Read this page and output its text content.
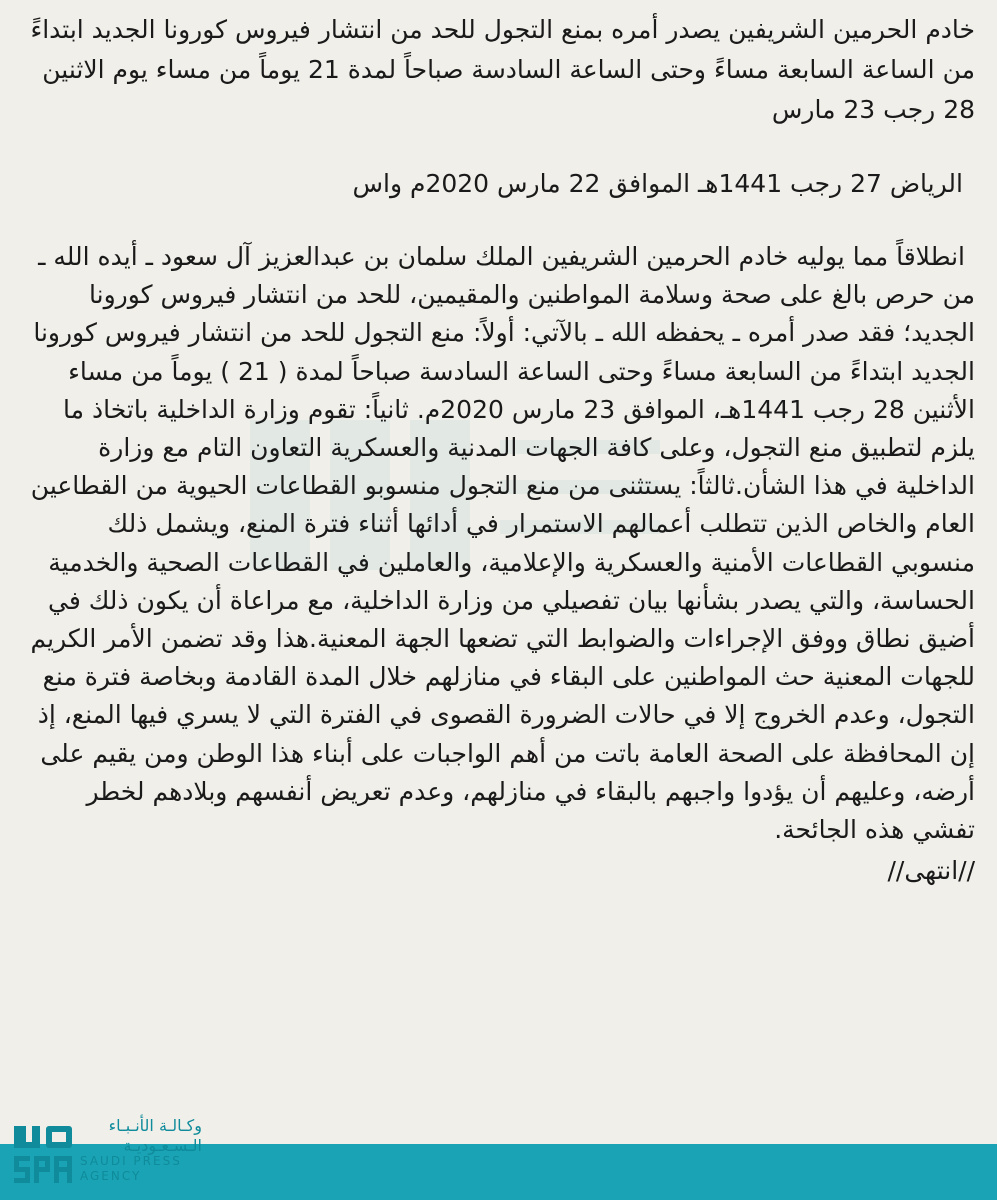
خادم الحرمين الشريفين يصدر أمره بمنع التجول للحد من انتشار فيروس كورونا الجديد ابتداءً من الساعة السابعة مساءً وحتى الساعة السادسة صباحاً لمدة 21 يوماً من مساء يوم الاثنين 28 رجب 23 مارس

الرياض 27 رجب 1441هـ الموافق 22 مارس 2020م واس

انطلاقاً مما يوليه خادم الحرمين الشريفين الملك سلمان بن عبدالعزيز آل سعود ـ أيده الله ـ من حرص بالغ على صحة وسلامة المواطنين والمقيمين، للحد من انتشار فيروس كورونا الجديد؛ فقد صدر أمره ـ يحفظه الله ـ بالآتي: أولاً: منع التجول للحد من انتشار فيروس كورونا الجديد ابتداءً من السابعة مساءً وحتى الساعة السادسة صباحاً لمدة ( 21 ) يوماً من مساء الأثنين 28 رجب 1441هـ، الموافق 23 مارس 2020م. ثانياً: تقوم وزارة الداخلية باتخاذ ما يلزم لتطبيق منع التجول، وعلى كافة الجهات المدنية والعسكرية التعاون التام مع وزارة الداخلية في هذا الشأن.ثالثاً: يستثنى من منع التجول منسوبو القطاعات الحيوية من القطاعين العام والخاص الذين تتطلب أعمالهم الاستمرار في أدائها أثناء فترة المنع، ويشمل ذلك منسوبي القطاعات الأمنية والعسكرية والإعلامية، والعاملين في القطاعات الصحية والخدمية الحساسة، والتي يصدر بشأنها بيان تفصيلي من وزارة الداخلية، مع مراعاة أن يكون ذلك في أضيق نطاق ووفق الإجراءات والضوابط التي تضعها الجهة المعنية.هذا وقد تضمن الأمر الكريم للجهات المعنية حث المواطنين على البقاء في منازلهم خلال المدة القادمة وبخاصة فترة منع التجول، وعدم الخروج إلا في حالات الضرورة القصوى في الفترة التي لا يسري فيها المنع، إذ إن المحافظة على الصحة العامة باتت من أهم الواجبات على أبناء هذا الوطن ومن يقيم على أرضه، وعليهم أن يؤدوا واجبهم بالبقاء في منازلهم، وعدم تعريض أنفسهم وبلادهم لخطر تفشي هذه الجائحة.

//انتهى//

وكـالـة الأنـبـاء
الـسـعـوديـة
SAUDI PRESS
AGENCY
